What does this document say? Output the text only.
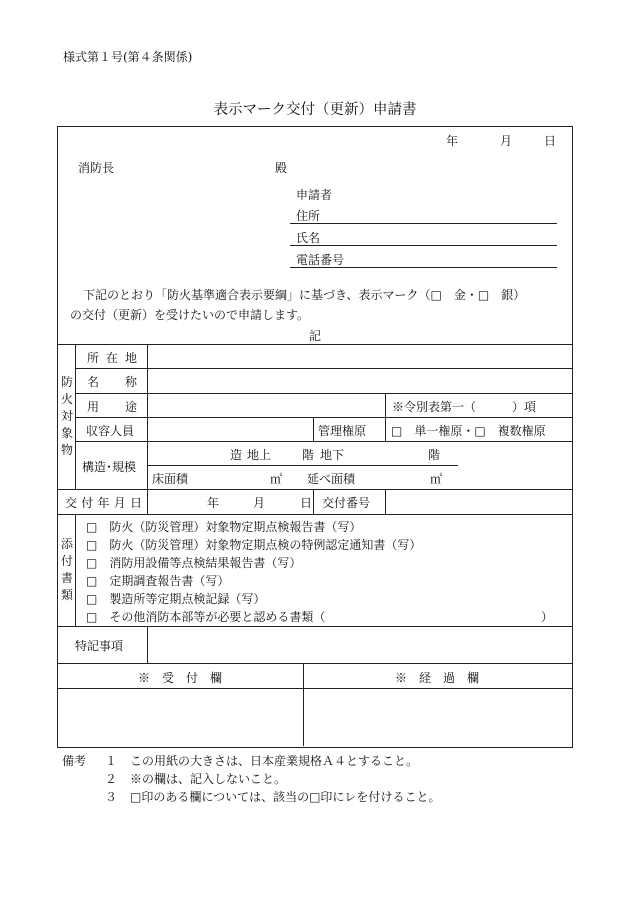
様式第１号(第４条関係)
表示マーク交付（更新）申請書
年	月	日
消防長	殿
申請者
住所
氏名
電話番号
下記のとおり「防火基準適合表示要綱」に基づき、表示マーク（□　金・□　銀）
の交付（更新）を受けたいので申請します。
記
防火対象物
所 在 地
名 称
用 途	※令別表第一（　　　）項
収容人員	管理権原 □　単一権原・□　複数権原
構造･規模
造 地上	階 地下	階
床面積	㎡ 延べ面積	㎡
交 付 年 月 日	年	月	日 交付番号
添付書類
□　防火（防災管理）対象物定期点検報告書（写）
□　防火（防災管理）対象物定期点検の特例認定通知書（写）
□　消防用設備等点検結果報告書（写）
□　定期調査報告書（写）
□　製造所等定期点検記録（写）
□　その他消防本部等が必要と認める書類（	）
特記事項
※　受　付　欄	※　経　過　欄
備考 １ この用紙の大きさは、日本産業規格Ａ４とすること。
２ ※の欄は、記入しないこと。
３ □印のある欄については、該当の□印にレを付けること。
